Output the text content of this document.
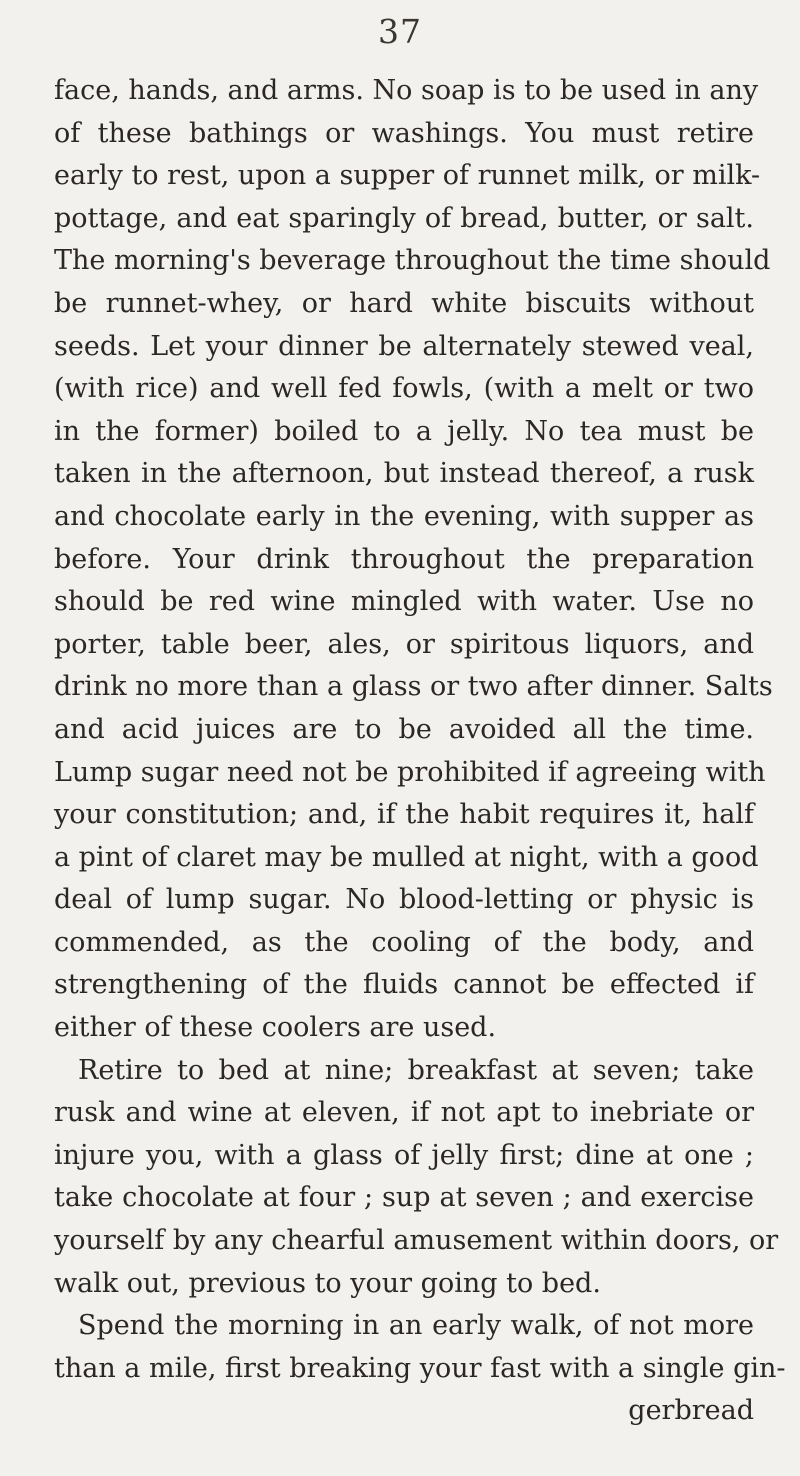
37
face, hands, and arms. No soap is to be used in any
of these bathings or washings. You must retire
early to rest, upon a supper of runnet milk, or milk-
pottage, and eat sparingly of bread, butter, or salt.
The morning's beverage throughout the time should
be runnet-whey, or hard white biscuits without
seeds. Let your dinner be alternately stewed veal,
(with rice) and well fed fowls, (with a melt or two
in the former) boiled to a jelly. No tea must be
taken in the afternoon, but instead thereof, a rusk
and chocolate early in the evening, with supper as
before. Your drink throughout the preparation
should be red wine mingled with water. Use no
porter, table beer, ales, or spiritous liquors, and
drink no more than a glass or two after dinner. Salts
and acid juices are to be avoided all the time.
Lump sugar need not be prohibited if agreeing with
your constitution; and, if the habit requires it, half
a pint of claret may be mulled at night, with a good
deal of lump sugar. No blood-letting or physic is
commended, as the cooling of the body, and
strengthening of the fluids cannot be effected if
either of these coolers are used.
Retire to bed at nine; breakfast at seven; take
rusk and wine at eleven, if not apt to inebriate or
injure you, with a glass of jelly first; dine at one ;
take chocolate at four ; sup at seven ; and exercise
yourself by any chearful amusement within doors, or
walk out, previous to your going to bed.
Spend the morning in an early walk, of not more
than a mile, first breaking your fast with a single gin-
gerbread
